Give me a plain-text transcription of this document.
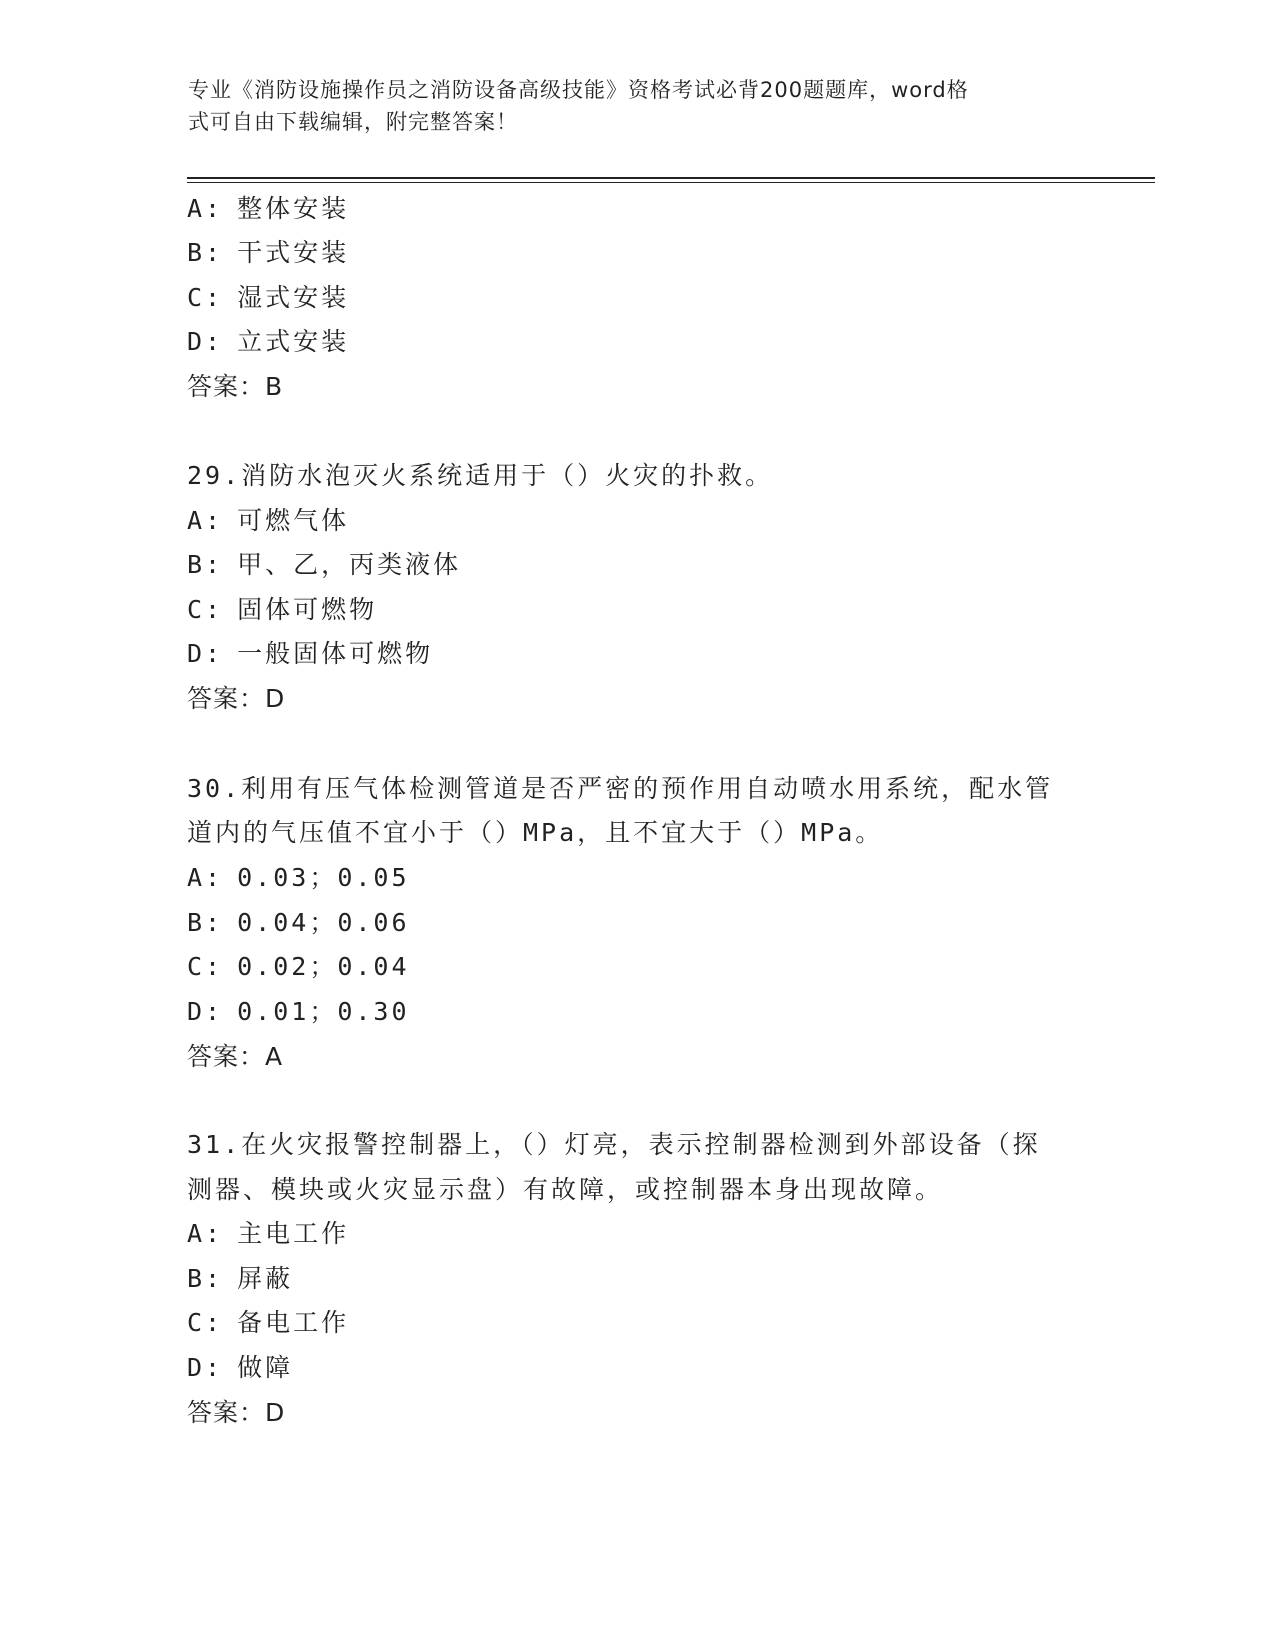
专业《消防设施操作员之消防设备高级技能》资格考试必背200题题库，word格
式可自由下载编辑，附完整答案！
A: 整体安装
B: 干式安装
C: 湿式安装
D: 立式安装
答案：B
29.消防水泡灭火系统适用于（）火灾的扑救。
A: 可燃气体
B: 甲、乙，丙类液体
C: 固体可燃物
D: 一般固体可燃物
答案：D
30.利用有压气体检测管道是否严密的预作用自动喷水用系统，配水管
道内的气压值不宜小于（）MPa，且不宜大于（）MPa。
A: 0.03；0.05
B: 0.04；0.06
C: 0.02；0.04
D: 0.01；0.30
答案：A
31.在火灾报警控制器上，（）灯亮，表示控制器检测到外部设备（探
测器、模块或火灾显示盘）有故障，或控制器本身出现故障。
A: 主电工作
B: 屏蔽
C: 备电工作
D: 做障
答案：D
